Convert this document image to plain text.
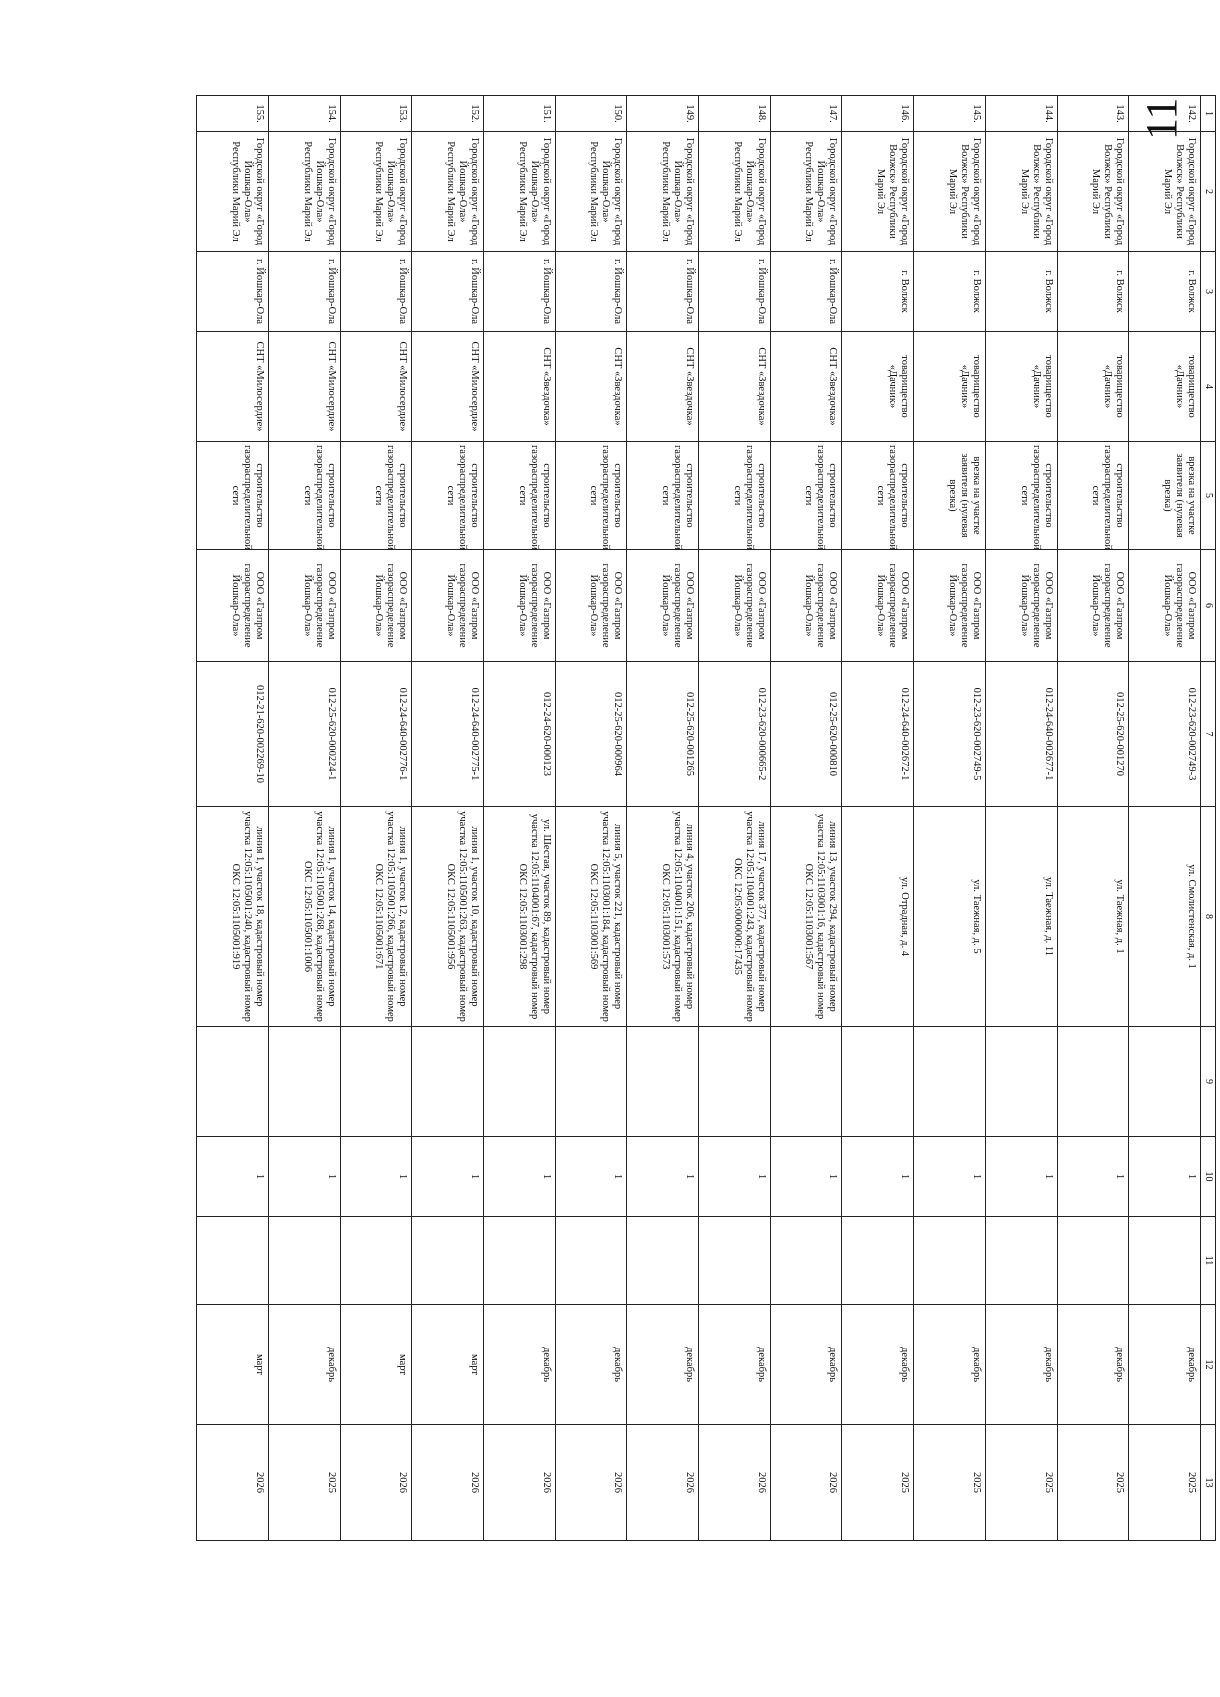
11	1	2	3	4	5	6	7	8	9	10	11	12	13
142.	Городской округ «Город Волжск» Республики Марий Эл	г. Волжск	товарищество «Дачник»	врезка на участке заявителя (нулевая врезка)	ООО «Газпром газораспределение Йошкар-Ола»	012-23-620-002749-3	ул. Смолистенская, д. 1		1		декабрь	2025
143.	Городской округ «Город Волжск» Республики Марий Эл	г. Волжск	товарищество «Дачник»	строительство газораспределительной сети	ООО «Газпром газораспределение Йошкар-Ола»	012-25-620-001270	ул. Таежная, д. 1		1		декабрь	2025
144.	Городской округ «Город Волжск» Республики Марий Эл	г. Волжск	товарищество «Дачник»	строительство газораспределительной сети	ООО «Газпром газораспределение Йошкар-Ола»	012-24-640-002677-1	ул. Таежная, д. 11		1		декабрь	2025
145.	Городской округ «Город Волжск» Республики Марий Эл	г. Волжск	товарищество «Дачник»	врезка на участке заявителя (нулевая врезка)	ООО «Газпром газораспределение Йошкар-Ола»	012-23-620-002749-5	ул. Таежная, д. 5		1		декабрь	2025
146.	Городской округ «Город Волжск» Республики Марий Эл	г. Волжск	товарищество «Дачник»	строительство газораспределительной сети	ООО «Газпром газораспределение Йошкар-Ола»	012-24-640-002672-1	ул. Отрадная, д. 4		1		декабрь	2025
147.	Городской округ «Город Йошкар-Ола» Республики Марий Эл	г. Йошкар-Ола	СНТ «Звездочка»	строительство газораспределительной сети	ООО «Газпром газораспределение Йошкар-Ола»	012-25-620-000810	линия 13, участок 294, кадастровый номер участка 12:05:1103001:16, кадастровый номер ОКС 12:05:1103001:567		1		декабрь	2026
148.	Городской округ «Город Йошкар-Ола» Республики Марий Эл	г. Йошкар-Ола	СНТ «Звездочка»	строительство газораспределительной сети	ООО «Газпром газораспределение Йошкар-Ола»	012-23-620-000665-2	линия 17, участок 377, кадастровый номер участка 12:05:1104001:243, кадастровый номер ОКС 12:05:0000000:17435		1		декабрь	2026
149.	Городской округ «Город Йошкар-Ола» Республики Марий Эл	г. Йошкар-Ола	СНТ «Звездочка»	строительство газораспределительной сети	ООО «Газпром газораспределение Йошкар-Ола»	012-25-620-001265	линия 4, участок 206, кадастровый номер участка 12:05:1104001:151, кадастровый номер ОКС 12:05:1103001:573		1		декабрь	2026
150.	Городской округ «Город Йошкар-Ола» Республики Марий Эл	г. Йошкар-Ола	СНТ «Звездочка»	строительство газораспределительной сети	ООО «Газпром газораспределение Йошкар-Ола»	012-25-620-000964	линия 5, участок 221, кадастровый номер участка 12:05:1103001:184, кадастровый номер ОКС 12:05:1103001:569		1		декабрь	2026
151.	Городской округ «Город Йошкар-Ола» Республики Марий Эл	г. Йошкар-Ола	СНТ «Звездочка»	строительство газораспределительной сети	ООО «Газпром газораспределение Йошкар-Ола»	012-24-620-000123	ул. Шестая, участок 89, кадастровый номер участка 12:05:1104001:67, кадастровый номер ОКС 12:05:1103001:298		1		декабрь	2026
152.	Городской округ «Город Йошкар-Ола» Республики Марий Эл	г. Йошкар-Ола	СНТ «Милосердие»	строительство газораспределительной сети	ООО «Газпром газораспределение Йошкар-Ола»	012-24-640-002775-1	линия 1, участок 10, кадастровый номер участка 12:05:1105001:263, кадастровый номер ОКС 12:05:1105001:956		1		март	2026
153.	Городской округ «Город Йошкар-Ола» Республики Марий Эл	г. Йошкар-Ола	СНТ «Милосердие»	строительство газораспределительной сети	ООО «Газпром газораспределение Йошкар-Ола»	012-24-640-002776-1	линия 1, участок 12, кадастровый номер участка 12:05:1105001:266, кадастровый номер ОКС 12:05:1105001:671		1		март	2026
154.	Городской округ «Город Йошкар-Ола» Республики Марий Эл	г. Йошкар-Ола	СНТ «Милосердие»	строительство газораспределительной сети	ООО «Газпром газораспределение Йошкар-Ола»	012-25-620-000224-1	линия 1, участок 14, кадастровый номер участка 12:05:1105001:268, кадастровый номер ОКС 12:05:1105001:1006		1		декабрь	2025
155.	Городской округ «Город Йошкар-Ола» Республики Марий Эл	г. Йошкар-Ола	СНТ «Милосердие»	строительство газораспределительной сети	ООО «Газпром газораспределение Йошкар-Ола»	012-21-620-002269-10	линия 1, участок 18, кадастровый номер участка 12:05:1105001:240, кадастровый номер ОКС 12:05:1105001:919		1		март	2026
